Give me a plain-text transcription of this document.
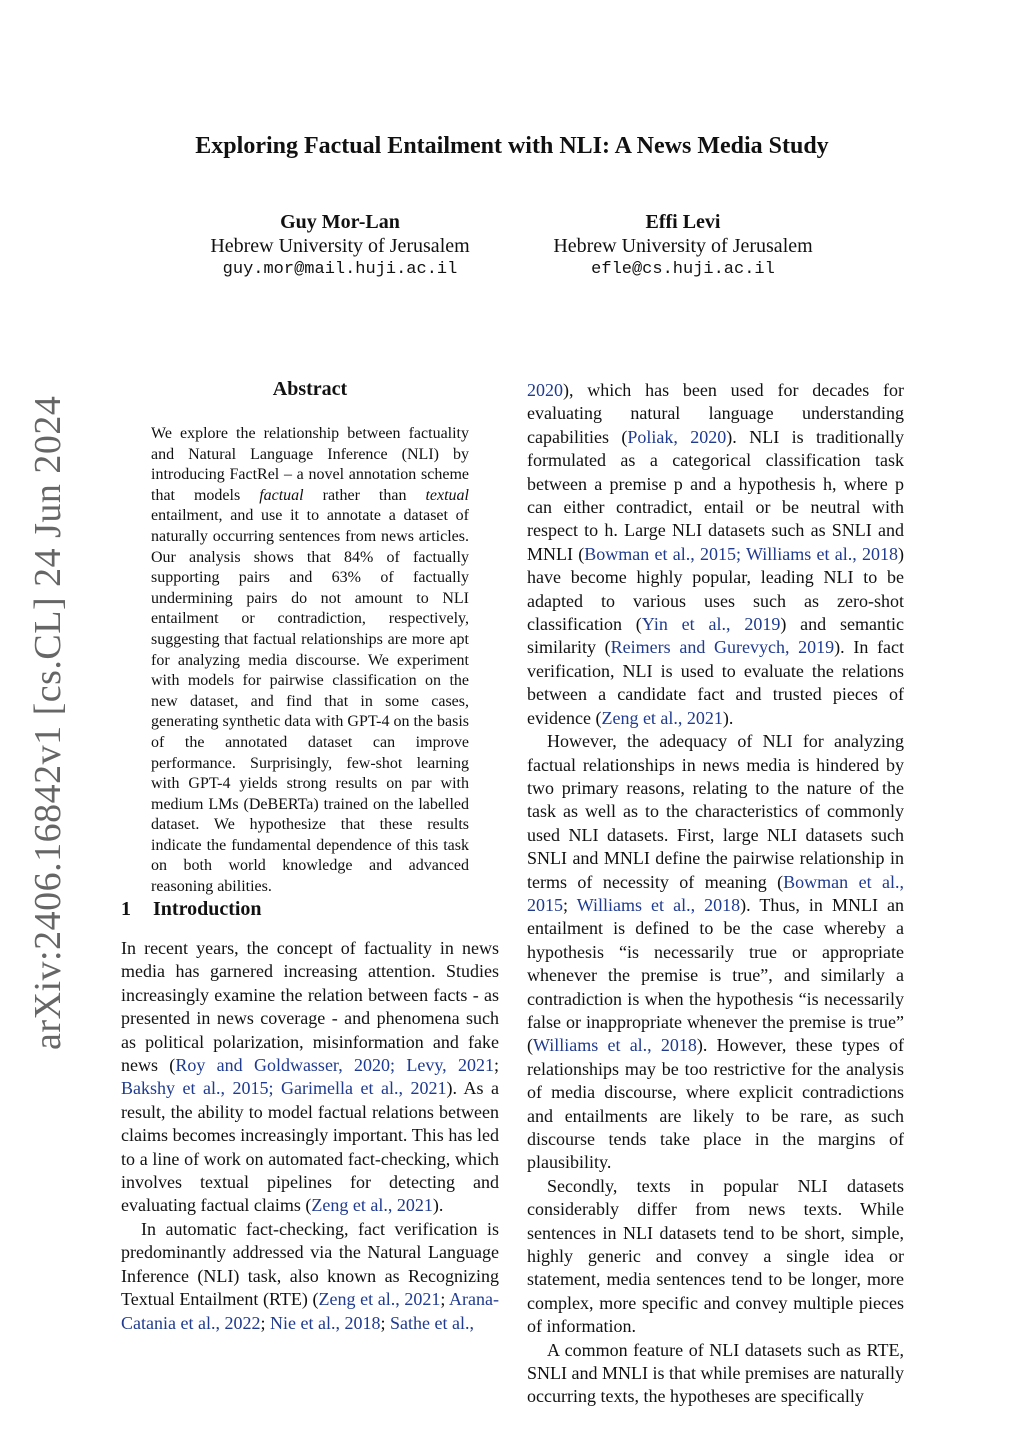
Exploring Factual Entailment with NLI: A News Media Study
Guy Mor-Lan
Hebrew University of Jerusalem
guy.mor@mail.huji.ac.il
Effi Levi
Hebrew University of Jerusalem
efle@cs.huji.ac.il
arXiv:2406.16842v1 [cs.CL] 24 Jun 2024
Abstract
We explore the relationship between factuality and Natural Language Inference (NLI) by introducing FactRel – a novel annotation scheme that models factual rather than textual entailment, and use it to annotate a dataset of naturally occurring sentences from news articles. Our analysis shows that 84% of factually supporting pairs and 63% of factually undermining pairs do not amount to NLI entailment or contradiction, respectively, suggesting that factual relationships are more apt for analyzing media discourse. We experiment with models for pairwise classification on the new dataset, and find that in some cases, generating synthetic data with GPT-4 on the basis of the annotated dataset can improve performance. Surprisingly, few-shot learning with GPT-4 yields strong results on par with medium LMs (DeBERTa) trained on the labelled dataset. We hypothesize that these results indicate the fundamental dependence of this task on both world knowledge and advanced reasoning abilities.
1 Introduction

In recent years, the concept of factuality in news media has garnered increasing attention. Studies increasingly examine the relation between facts - as presented in news coverage - and phenomena such as political polarization, misinformation and fake news (Roy and Goldwasser, 2020; Levy, 2021; Bakshy et al., 2015; Garimella et al., 2021). As a result, the ability to model factual relations between claims becomes increasingly important. This has led to a line of work on automated fact-checking, which involves textual pipelines for detecting and evaluating factual claims (Zeng et al., 2021).

In automatic fact-checking, fact verification is predominantly addressed via the Natural Language Inference (NLI) task, also known as Recognizing Textual Entailment (RTE) (Zeng et al., 2021; Arana-Catania et al., 2022; Nie et al., 2018; Sathe et al.,

2020), which has been used for decades for evaluating natural language understanding capabilities (Poliak, 2020). NLI is traditionally formulated as a categorical classification task between a premise p and a hypothesis h, where p can either contradict, entail or be neutral with respect to h. Large NLI datasets such as SNLI and MNLI (Bowman et al., 2015; Williams et al., 2018) have become highly popular, leading NLI to be adapted to various uses such as zero-shot classification (Yin et al., 2019) and semantic similarity (Reimers and Gurevych, 2019). In fact verification, NLI is used to evaluate the relations between a candidate fact and trusted pieces of evidence (Zeng et al., 2021).

However, the adequacy of NLI for analyzing factual relationships in news media is hindered by two primary reasons, relating to the nature of the task as well as to the characteristics of commonly used NLI datasets. First, large NLI datasets such SNLI and MNLI define the pairwise relationship in terms of necessity of meaning (Bowman et al., 2015; Williams et al., 2018). Thus, in MNLI an entailment is defined to be the case whereby a hypothesis “is necessarily true or appropriate whenever the premise is true”, and similarly a contradiction is when the hypothesis “is necessarily false or inappropriate whenever the premise is true” (Williams et al., 2018). However, these types of relationships may be too restrictive for the analysis of media discourse, where explicit contradictions and entailments are likely to be rare, as such discourse tends take place in the margins of plausibility.

Secondly, texts in popular NLI datasets considerably differ from news texts. While sentences in NLI datasets tend to be short, simple, highly generic and convey a single idea or statement, media sentences tend to be longer, more complex, more specific and convey multiple pieces of information.

A common feature of NLI datasets such as RTE, SNLI and MNLI is that while premises are naturally occurring texts, the hypotheses are specifically
